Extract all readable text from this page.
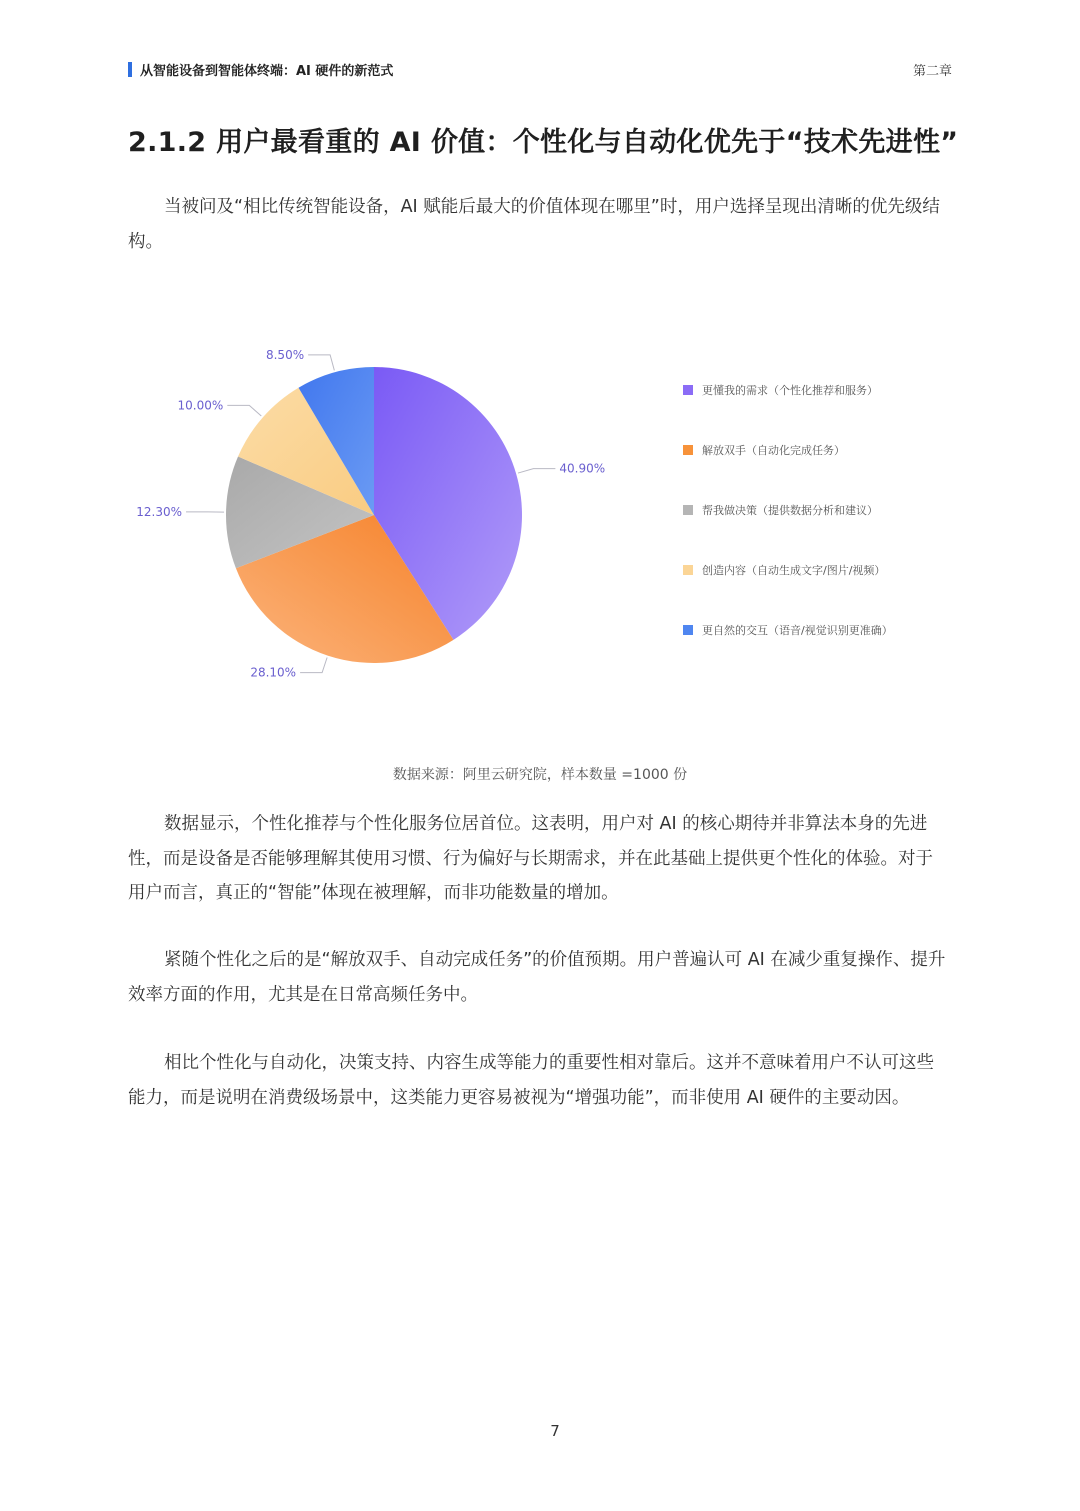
从智能设备到智能体终端：AI 硬件的新范式	第二章
2.1.2 用户最看重的 AI 价值：个性化与自动化优先于“技术先进性”

当被问及“相比传统智能设备，AI 赋能后最大的价值体现在哪里”时，用户选择呈现出清晰的优先级结构。

40.90%
28.10%
12.30%
10.00%
8.50%
更懂我的需求（个性化推荐和服务）
解放双手（自动化完成任务）
帮我做决策（提供数据分析和建议）
创造内容（自动生成文字/图片/视频）
更自然的交互（语音/视觉识别更准确）
数据来源：阿里云研究院，样本数量 =1000 份

数据显示，个性化推荐与个性化服务位居首位。这表明，用户对 AI 的核心期待并非算法本身的先进性，而是设备是否能够理解其使用习惯、行为偏好与长期需求，并在此基础上提供更个性化的体验。对于用户而言，真正的“智能”体现在被理解，而非功能数量的增加。

紧随个性化之后的是“解放双手、自动完成任务”的价值预期。用户普遍认可 AI 在减少重复操作、提升效率方面的作用，尤其是在日常高频任务中。

相比个性化与自动化，决策支持、内容生成等能力的重要性相对靠后。这并不意味着用户不认可这些能力，而是说明在消费级场景中，这类能力更容易被视为“增强功能”，而非使用 AI 硬件的主要动因。

7
